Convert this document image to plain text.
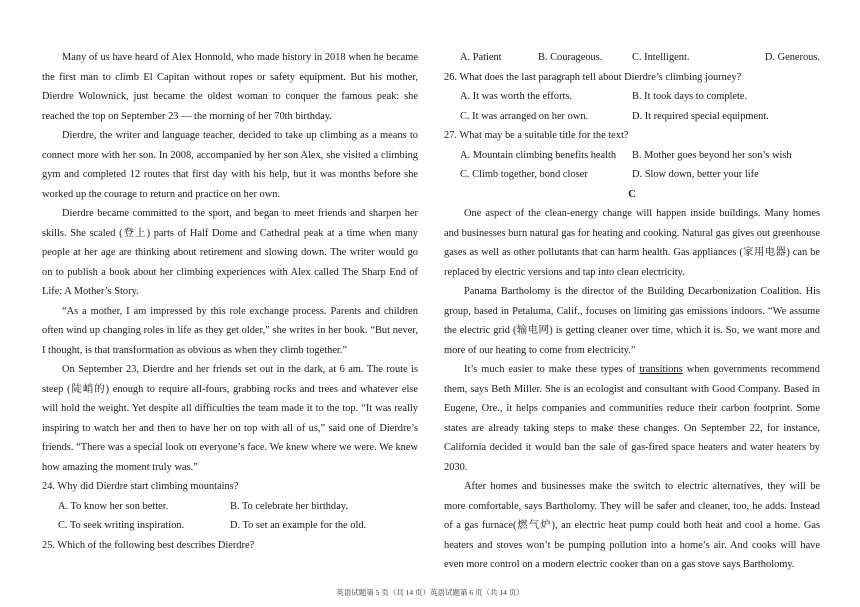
Many of us have heard of Alex Honnold, who made history in 2018 when he became the first man to climb El Capitan without ropes or safety equipment. But his mother, Dierdre Wolownick, just became the oldest woman to conquer the famous peak: she reached the top on September 23 — the morning of her 70th birthday.

Dierdre, the writer and language teacher, decided to take up climbing as a means to connect more with her son. In 2008, accompanied by her son Alex, she visited a climbing gym and completed 12 routes that first day with his help, but it was months before she worked up the courage to return and practice on her own.

Dierdre became committed to the sport, and began to meet friends and sharpen her skills. She scaled (登上) parts of Half Dome and Cathedral peak at a time when many people at her age are thinking about retirement and slowing down. The writer would go on to publish a book about her climbing experiences with Alex called The Sharp End of Life: A Mother’s Story.

“As a mother, I am impressed by this role exchange process. Parents and children often wind up changing roles in life as they get older,” she writes in her book. “But never, I thought, is that transformation as obvious as when they climb together.”

On September 23, Dierdre and her friends set out in the dark, at 6 am. The route is steep (陡峭的) enough to require all-fours, grabbing rocks and trees and whatever else will hold the weight. Yet despite all difficulties the team made it to the top. “It was really inspiring to watch her and then to have her on top with all of us,” said one of Dierdre’s friends. “There was a special look on everyone’s face. We knew where we were. We knew how amazing the moment truly was.”

24. Why did Dierdre start climbing mountains?

A. To know her son better.	B. To celebrate her birthday.
C. To seek writing inspiration.	D. To set an example for the old.

25. Which of the following best describes Dierdre?

A. Patient	B. Courageous.	C. Intelligent.	D. Generous.

26. What does the last paragraph tell about Dierdre’s climbing journey?

A. It was worth the efforts.	B. It took days to complete.
C. It was arranged on her own.	D. It required special equipment.

27. What may be a suitable title for the text?

A. Mountain climbing benefits health	B. Mother goes beyond her son’s wish
C. Climb together, bond closer	D. Slow down, better your life

C

One aspect of the clean-energy change will happen inside buildings. Many homes and businesses burn natural gas for heating and cooking. Natural gas gives out greenhouse gases as well as other pollutants that can harm health. Gas appliances (家用电器) can be replaced by electric versions and tap into clean electricity.

Panama Bartholomy is the director of the Building Decarbonization Coalition. His group, based in Petaluma, Calif., focuses on limiting gas emissions indoors. “We assume the electric grid (输电网) is getting cleaner over time, which it is. So, we want more and more of our heating to come from electricity.”

It’s much easier to make these types of transitions when governments recommend them, says Beth Miller. She is an ecologist and consultant with Good Company. Based in Eugene, Ore., it helps companies and communities reduce their carbon footprint. Some states are already taking steps to make these changes. On September 22, for instance, California decided it would ban the sale of gas-fired space heaters and water heaters by 2030.

After homes and businesses make the switch to electric alternatives, they will be more comfortable, says Bartholomy. They will be safer and cleaner, too, he adds. Instead of a gas furnace(燃气炉), an electric heat pump could both heat and cool a home. Gas heaters and stoves won’t be pumping pollution into a home’s air. And cooks will have even more control on a modern electric cooker than on a gas stove says Bartholomy.

英语试题第 5 页（共 14 页）英语试题第 6 页（共 14 页）
